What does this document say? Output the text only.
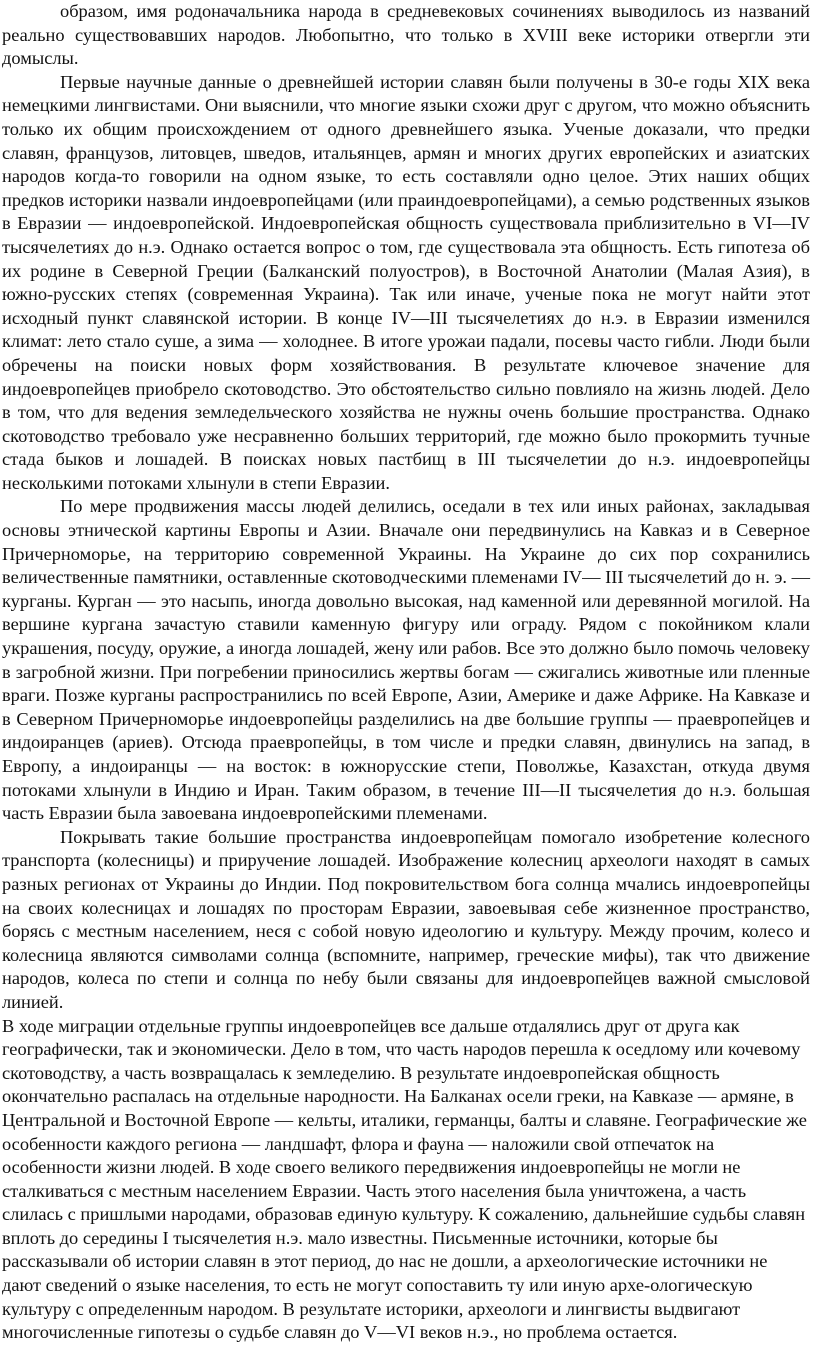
образом, имя родоначальника народа в средневековых сочинениях выводилось из названий реально существовавших народов. Любопытно, что только в XVIII веке историки отвергли эти домыслы.

Первые научные данные о древнейшей истории славян были получены в 30-е годы XIX века немецкими лингвистами. Они выяснили, что многие языки схожи друг с другом, что можно объяснить только их общим происхождением от одного древнейшего языка. Ученые доказали, что предки славян, французов, литовцев, шведов, итальянцев, армян и многих других европейских и азиатских народов когда-то говорили на одном языке, то есть составляли одно целое. Этих наших общих предков историки назвали индоевропейцами (или праиндоевропейцами), а семью родственных языков в Евразии — индоевропейской. Индоевропейская общность существовала приблизительно в VI—IV тысячелетиях до н.э. Однако остается вопрос о том, где существовала эта общность. Есть гипотеза об их родине в Северной Греции (Балканский полуостров), в Восточной Анатолии (Малая Азия), в южно-русских степях (современная Украина). Так или иначе, ученые пока не могут найти этот исходный пункт славянской истории. В конце IV—III тысячелетиях до н.э. в Евразии изменился климат: лето стало суше, а зима — холоднее. В итоге урожаи падали, посевы часто гибли. Люди были обречены на поиски новых форм хозяйствования. В результате ключевое значение для индоевропейцев приобрело скотоводство. Это обстоятельство сильно повлияло на жизнь людей. Дело в том, что для ведения земледельческого хозяйства не нужны очень большие пространства. Однако скотоводство требовало уже несравненно больших территорий, где можно было прокормить тучные стада быков и лошадей. В поисках новых пастбищ в III тысячелетии до н.э. индоевропейцы несколькими потоками хлынули в степи Евразии.

По мере продвижения массы людей делились, оседали в тех или иных районах, закладывая основы этнической картины Европы и Азии. Вначале они передвинулись на Кавказ и в Северное Причерноморье, на территорию современной Украины. На Украине до сих пор сохранились величественные памятники, оставленные скотоводческими племенами IV— III тысячелетий до н. э. — курганы. Курган — это насыпь, иногда довольно высокая, над каменной или деревянной могилой. На вершине кургана зачастую ставили каменную фигуру или ограду. Рядом с покойником клали украшения, посуду, оружие, а иногда лошадей, жену или рабов. Все это должно было помочь человеку в загробной жизни. При погребении приносились жертвы богам — сжигались животные или пленные враги. Позже курганы распространились по всей Европе, Азии, Америке и даже Африке. На Кавказе и в Северном Причерноморье индоевропейцы разделились на две большие группы — праевропейцев и индоиранцев (ариев). Отсюда праевропейцы, в том числе и предки славян, двинулись на запад, в Европу, а индоиранцы — на восток: в южнорусские степи, Поволжье, Казахстан, откуда двумя потоками хлынули в Индию и Иран. Таким образом, в течение III—II тысячелетия до н.э. большая часть Евразии была завоевана индоевропейскими племенами.

Покрывать такие большие пространства индоевропейцам помогало изобретение колесного транспорта (колесницы) и приручение лошадей. Изображение колесниц археологи находят в самых разных регионах от Украины до Индии. Под покровительством бога солнца мчались индоевропейцы на своих колесницах и лошадях по просторам Евразии, завоевывая себе жизненное пространство, борясь с местным населением, неся с собой новую идеологию и культуру. Между прочим, колесо и колесница являются символами солнца (вспомните, например, греческие мифы), так что движение народов, колеса по степи и солнца по небу были связаны для индоевропейцев важной смысловой линией.

В ходе миграции отдельные группы индоевропейцев все дальше отдалялись друг от друга как географически, так и экономически. Дело в том, что часть народов перешла к оседлому или кочевому скотоводству, а часть возвращалась к земледелию. В результате индоевропейская общность окончательно распалась на отдельные народности. На Балканах осели греки, на Кавказе — армяне, в Центральной и Восточной Европе — кельты, италики, германцы, балты и славяне. Географические же особенности каждого региона — ландшафт, флора и фауна — наложили свой отпечаток на особенности жизни людей. В ходе своего великого передвижения индоевропейцы не могли не сталкиваться с местным населением Евразии. Часть этого населения была уничтожена, а часть слилась с пришлыми народами, образовав единую культуру. К сожалению, дальнейшие судьбы славян вплоть до середины I тысячелетия н.э. мало известны. Письменные источники, которые бы рассказывали об истории славян в этот период, до нас не дошли, а археологические источники не дают сведений о языке населения, то есть не могут сопоставить ту или иную архе-ологическую культуру с определенным народом. В результате историки, археологи и лингвисты выдвигают многочисленные гипотезы о судьбе славян до V—VI веков н.э., но проблема остается.
